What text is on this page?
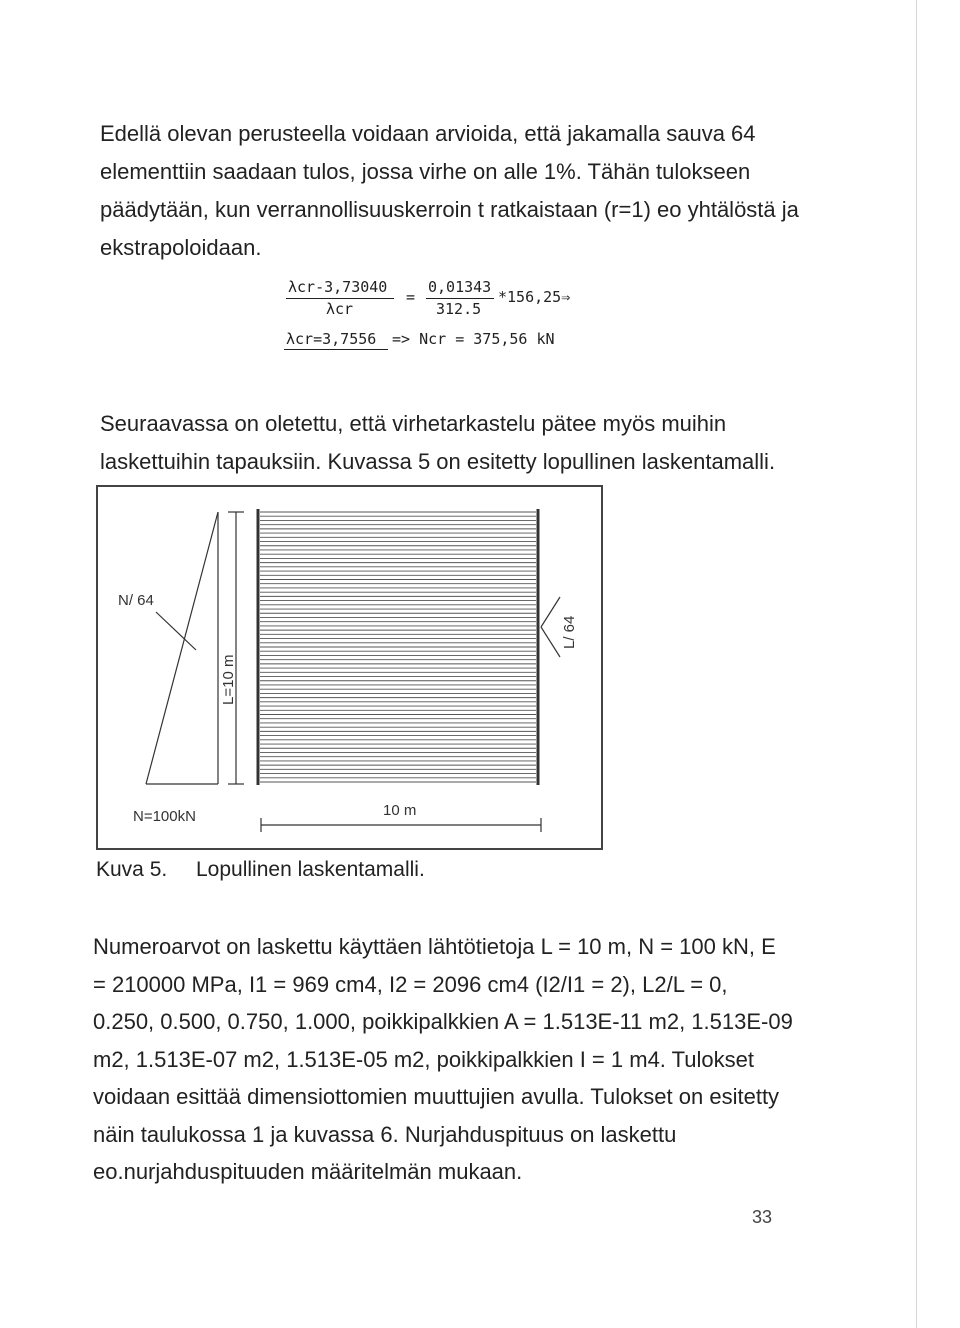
Edellä olevan perusteella voidaan arvioida, että jakamalla sauva 64 elementtiin saadaan tulos, jossa virhe on alle 1%. Tähän tulokseen päädytään, kun verrannollisuuskerroin t ratkaistaan (r=1) eo yhtälöstä ja ekstrapoloidaan.

λcr-3,73040
λcr
=
0,01343
312.5
*156,25⇒
λcr=3,7556 => Ncr = 375,56 kN

Seuraavassa on oletettu, että virhetarkastelu pätee myös muihin laskettuihin tapauksiin. Kuvassa 5 on esitetty lopullinen laskentamalli.

N/ 64
L=10 m
L/ 64
N=100kN	10 m
Kuva 5. Lopullinen laskentamalli.

Numeroarvot on laskettu käyttäen lähtötietoja L = 10 m, N = 100 kN, E = 210000 MPa, I1 = 969 cm4, I2 = 2096 cm4 (I2/I1 = 2), L2/L = 0, 0.250, 0.500, 0.750, 1.000, poikkipalkkien A = 1.513E-11 m2, 1.513E-09 m2, 1.513E-07 m2, 1.513E-05 m2, poikkipalkkien I = 1 m4. Tulokset voidaan esittää dimensiottomien muuttujien avulla. Tulokset on esitetty näin taulukossa 1 ja kuvassa 6. Nurjahduspituus on laskettu eo.nurjahduspituuden määritelmän mukaan.

33
